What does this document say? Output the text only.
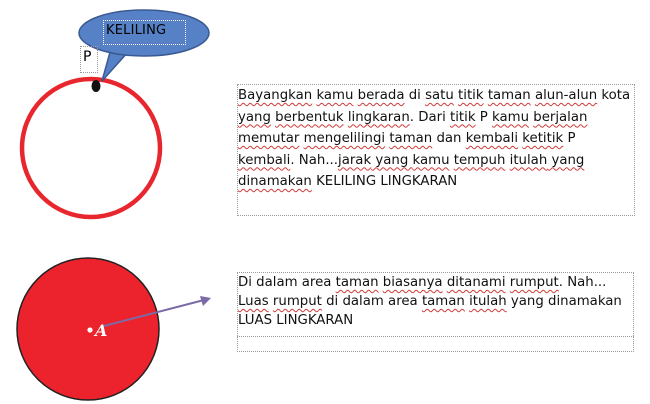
KELILING
P
A

Bayangkan kamu berada di satu titik taman alun-alun kota

yang berbentuk lingkaran. Dari titik P kamu berjalan

memutar mengelilingi taman dan kembali ketitik P

kembali. Nah...jarak yang kamu tempuh itulah yang

dinamakan KELILING LINGKARAN

Di dalam area taman biasanya ditanami rumput. Nah...

Luas rumput di dalam area taman itulah yang dinamakan

LUAS LINGKARAN
